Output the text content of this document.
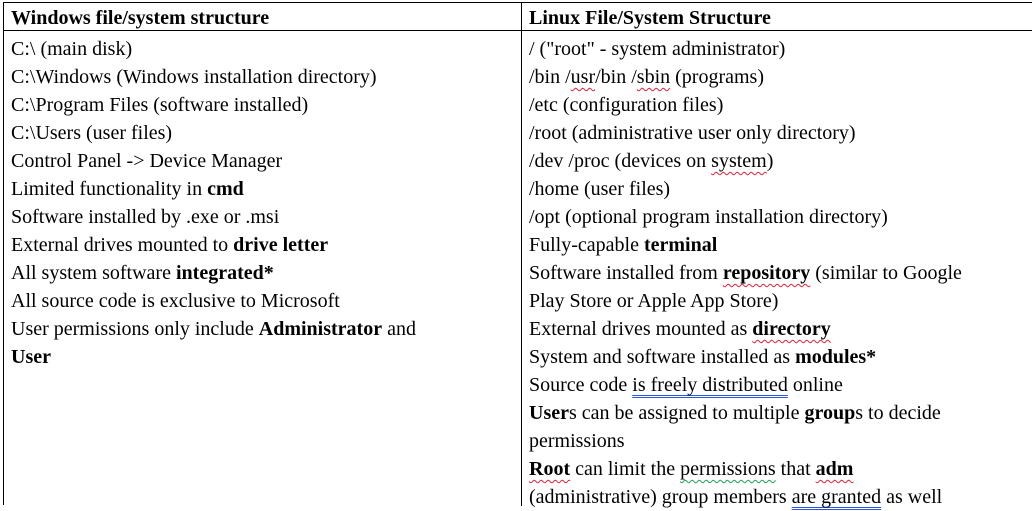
Windows file/system structure	Linux File/System Structure
C:\ (main disk)
C:\Windows (Windows installation directory)
C:\Program Files (software installed)
C:\Users (user files)
Control Panel -> Device Manager
Limited functionality in cmd
Software installed by .exe or .msi
External drives mounted to drive letter
All system software integrated*
All source code is exclusive to Microsoft
User permissions only include Administrator and
User
/ ("root" - system administrator)
/bin /usr/bin /sbin (programs)
/etc (configuration files)
/root (administrative user only directory)
/dev /proc (devices on system)
/home (user files)
/opt (optional program installation directory)
Fully-capable terminal
Software installed from repository (similar to Google
Play Store or Apple App Store)
External drives mounted as directory
System and software installed as modules*
Source code is freely distributed online
Users can be assigned to multiple groups to decide
permissions
Root can limit the permissions that adm
(administrative) group members are granted as well
